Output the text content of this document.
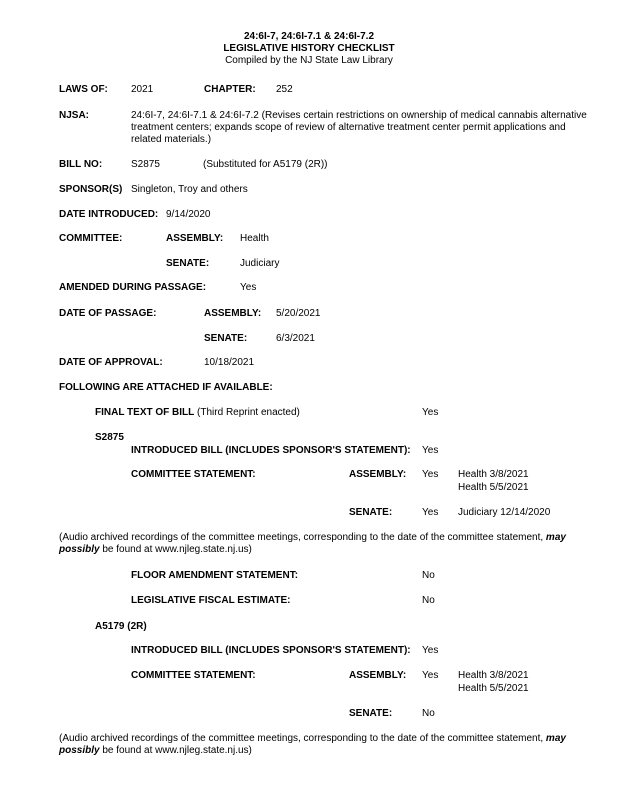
24:6I-7, 24:6I-7.1 & 24:6I-7.2
LEGISLATIVE HISTORY CHECKLIST
Compiled by the NJ State Law Library
LAWS OF: 2021	CHAPTER: 252
NJSA:	24:6I-7, 24:6I-7.1 & 24:6I-7.2 (Revises certain restrictions on ownership of medical cannabis alternative treatment centers; expands scope of review of alternative treatment center permit applications and related materials.)
BILL NO:	S2875	(Substituted for A5179 (2R))
SPONSOR(S) Singleton, Troy and others
DATE INTRODUCED: 9/14/2020
COMMITTEE:	ASSEMBLY: Health
SENATE:	Judiciary
AMENDED DURING PASSAGE:	Yes
DATE OF PASSAGE:	ASSEMBLY: 5/20/2021
SENATE:	6/3/2021
DATE OF APPROVAL:	10/18/2021
FOLLOWING ARE ATTACHED IF AVAILABLE:
FINAL TEXT OF BILL (Third Reprint enacted)	Yes
S2875
INTRODUCED BILL (INCLUDES SPONSOR'S STATEMENT): Yes
COMMITTEE STATEMENT:	ASSEMBLY: Yes Health 3/8/2021
Health 5/5/2021
SENATE:	Yes Judiciary 12/14/2020
(Audio archived recordings of the committee meetings, corresponding to the date of the committee statement, may
possibly be found at www.njleg.state.nj.us)
FLOOR AMENDMENT STATEMENT:	No
LEGISLATIVE FISCAL ESTIMATE:	No
A5179 (2R)
INTRODUCED BILL (INCLUDES SPONSOR'S STATEMENT): Yes
COMMITTEE STATEMENT:	ASSEMBLY: Yes Health 3/8/2021
Health 5/5/2021
SENATE:	No
(Audio archived recordings of the committee meetings, corresponding to the date of the committee statement, may
possibly be found at www.njleg.state.nj.us)
